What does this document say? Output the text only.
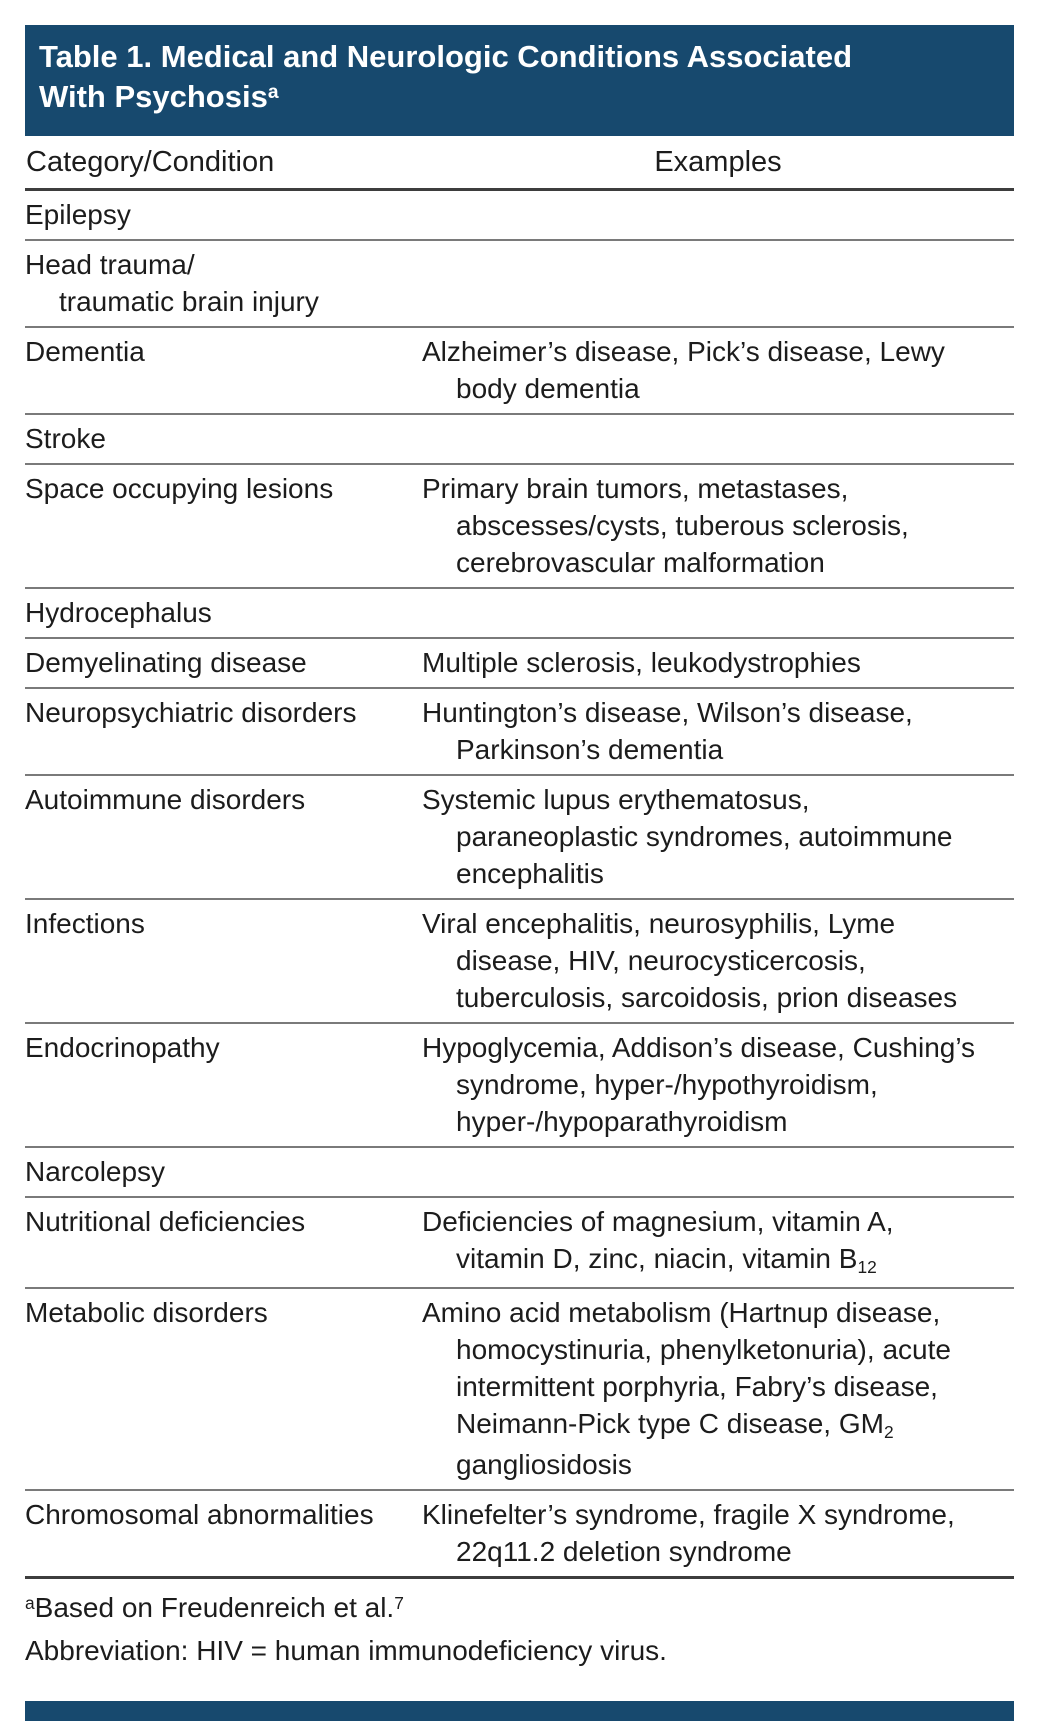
Table 1. Medical and Neurologic Conditions Associated
With Psychosis$^a$
Category/Condition	Examples
Epilepsy
Head trauma/
traumatic brain injury
Dementia	Alzheimer’s disease, Pick’s disease, Lewy
body dementia
Stroke
Space occupying lesions	Primary brain tumors, metastases,
abscesses/cysts, tuberous sclerosis,
cerebrovascular malformation
Hydrocephalus
Demyelinating disease	Multiple sclerosis, leukodystrophies
Neuropsychiatric disorders	Huntington’s disease, Wilson’s disease,
Parkinson’s dementia
Autoimmune disorders	Systemic lupus erythematosus,
paraneoplastic syndromes, autoimmune
encephalitis
Infections	Viral encephalitis, neurosyphilis, Lyme
disease, HIV, neurocysticercosis,
tuberculosis, sarcoidosis, prion diseases
Endocrinopathy	Hypoglycemia, Addison’s disease, Cushing’s
syndrome, hyper-/hypothyroidism,
hyper-/hypoparathyroidism
Narcolepsy
Nutritional deficiencies	Deficiencies of magnesium, vitamin A,
vitamin D, zinc, niacin, vitamin $B_{12}$
Metabolic disorders	Amino acid metabolism (Hartnup disease,
homocystinuria, phenylketonuria), acute
intermittent porphyria, Fabry’s disease,
Neimann-Pick type C disease, $GM_2$
gangliosidosis
Chromosomal abnormalities	Klinefelter’s syndrome, fragile X syndrome,
22q11.2 deletion syndrome
$^a$Based on Freudenreich et al.$^7$
Abbreviation: HIV = human immunodeficiency virus.
